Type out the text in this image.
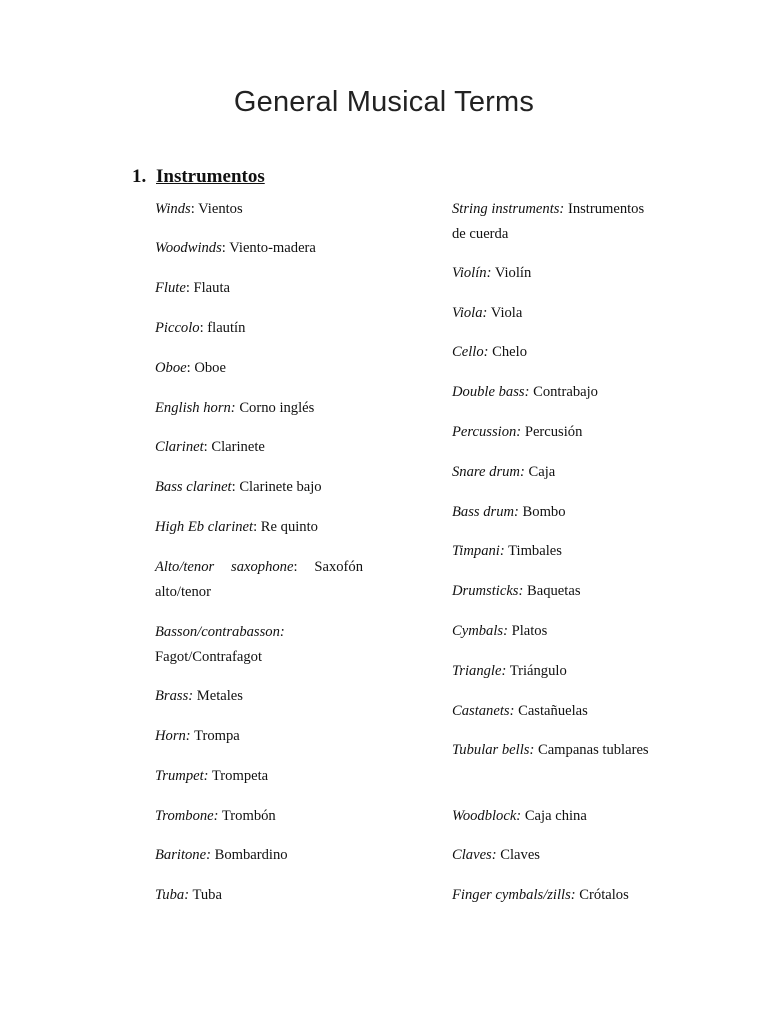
General Musical Terms
1. Instrumentos
Winds: Vientos
Woodwinds: Viento-madera
Flute: Flauta
Piccolo: flautín
Oboe: Oboe
English horn: Corno inglés
Clarinet: Clarinete
Bass clarinet: Clarinete bajo
High Eb clarinet: Re quinto
Alto/tenor saxophone: Saxofón alto/tenor
Basson/contrabasson: Fagot/Contrafagot
Brass: Metales
Horn: Trompa
Trumpet: Trompeta
Trombone: Trombón
Baritone: Bombardino
Tuba: Tuba
String instruments: Instrumentos de cuerda
Violín: Violín
Viola: Viola
Cello: Chelo
Double bass: Contrabajo
Percussion: Percusión
Snare drum: Caja
Bass drum: Bombo
Timpani: Timbales
Drumsticks: Baquetas
Cymbals: Platos
Triangle: Triángulo
Castanets: Castañuelas
Tubular bells: Campanas tublares
Woodblock: Caja china
Claves: Claves
Finger cymbals/zills: Crótalos
